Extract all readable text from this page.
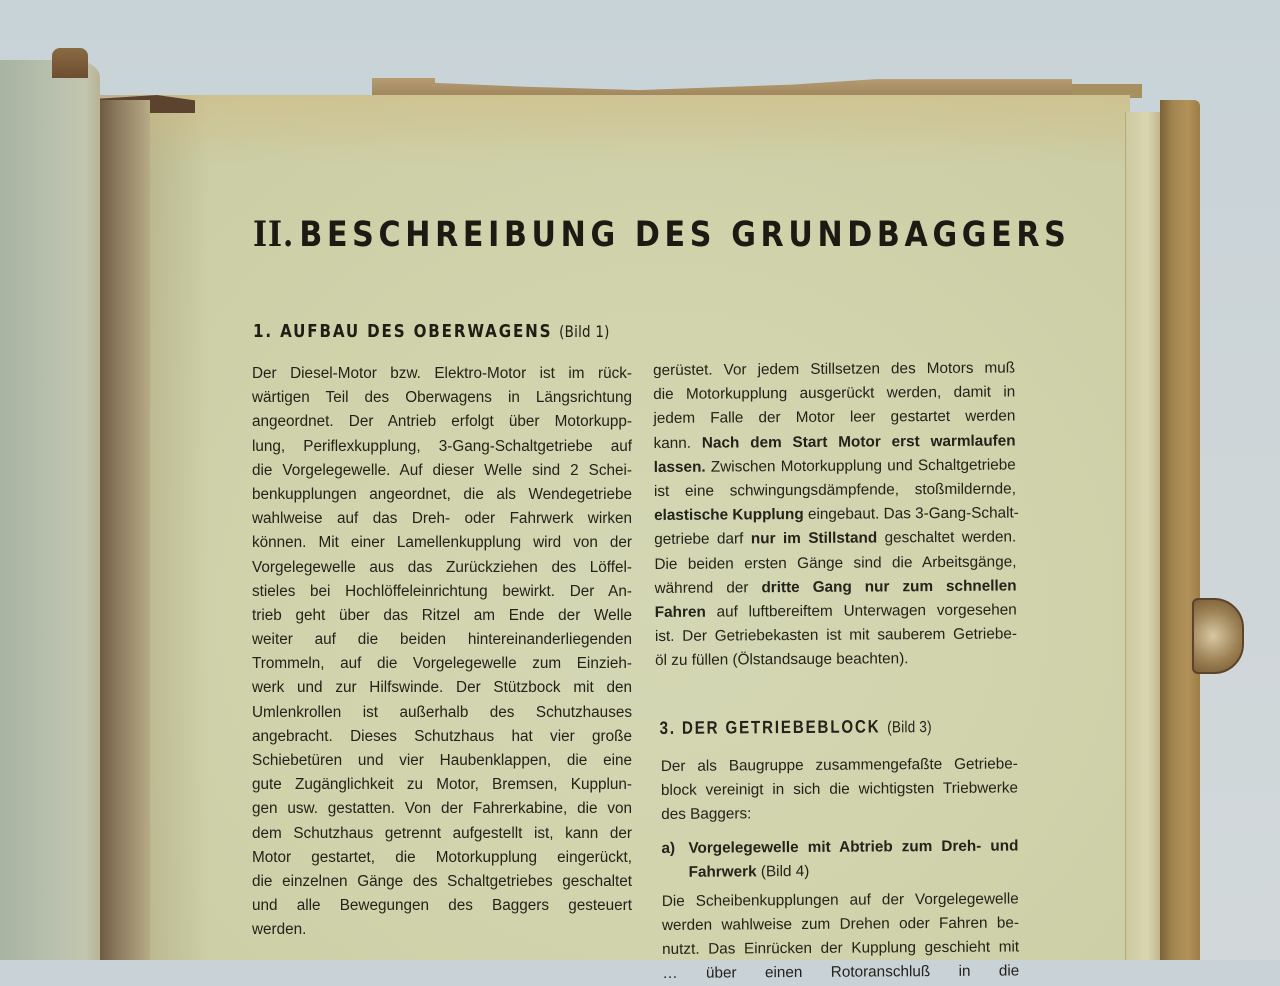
II. BESCHREIBUNG DES GRUNDBAGGERS
1. AUFBAU DES OBERWAGENS (Bild 1)

Der Diesel-Motor bzw. Elektro-Motor ist im rück-
wärtigen Teil des Oberwagens in Längsrichtung
angeordnet. Der Antrieb erfolgt über Motorkupp-
lung, Periflexkupplung, 3-Gang-Schaltgetriebe auf
die Vorgelegewelle. Auf dieser Welle sind 2 Schei-
benkupplungen angeordnet, die als Wendegetriebe
wahlweise auf das Dreh- oder Fahrwerk wirken
können. Mit einer Lamellenkupplung wird von der
Vorgelegewelle aus das Zurückziehen des Löffel-
stieles bei Hochlöffeleinrichtung bewirkt. Der An-
trieb geht über das Ritzel am Ende der Welle
weiter auf die beiden hintereinanderliegenden
Trommeln, auf die Vorgelegewelle zum Einzieh-
werk und zur Hilfswinde. Der Stützbock mit den
Umlenkrollen ist außerhalb des Schutzhauses
angebracht. Dieses Schutzhaus hat vier große
Schiebetüren und vier Haubenklappen, die eine
gute Zugänglichkeit zu Motor, Bremsen, Kupplun-
gen usw. gestatten. Von der Fahrerkabine, die von
dem Schutzhaus getrennt aufgestellt ist, kann der
Motor gestartet, die Motorkupplung eingerückt,
die einzelnen Gänge des Schaltgetriebes geschaltet
und alle Bewegungen des Baggers gesteuert
werden.

gerüstet. Vor jedem Stillsetzen des Motors muß
die Motorkupplung ausgerückt werden, damit in
jedem Falle der Motor leer gestartet werden
kann. Nach dem Start Motor erst warmlaufen
lassen. Zwischen Motorkupplung und Schaltgetriebe
ist eine schwingungsdämpfende, stoßmildernde,
elastische Kupplung eingebaut. Das 3-Gang-Schalt-
getriebe darf nur im Stillstand geschaltet werden.
Die beiden ersten Gänge sind die Arbeitsgänge,
während der dritte Gang nur zum schnellen
Fahren auf luftbereiftem Unterwagen vorgesehen
ist. Der Getriebekasten ist mit sauberem Getriebe-
öl zu füllen (Ölstandsauge beachten).

3. DER GETRIEBEBLOCK (Bild 3)

Der als Baugruppe zusammengefaßte Getriebe-
block vereinigt in sich die wichtigsten Triebwerke
des Baggers:

a) Vorgelegewelle mit Abtrieb zum Dreh- und
Fahrwerk (Bild 4)

Die Scheibenkupplungen auf der Vorgelegewelle
werden wahlweise zum Drehen oder Fahren be-
nutzt. Das Einrücken der Kupplung geschieht mit
… über einen Rotoranschluß in die
